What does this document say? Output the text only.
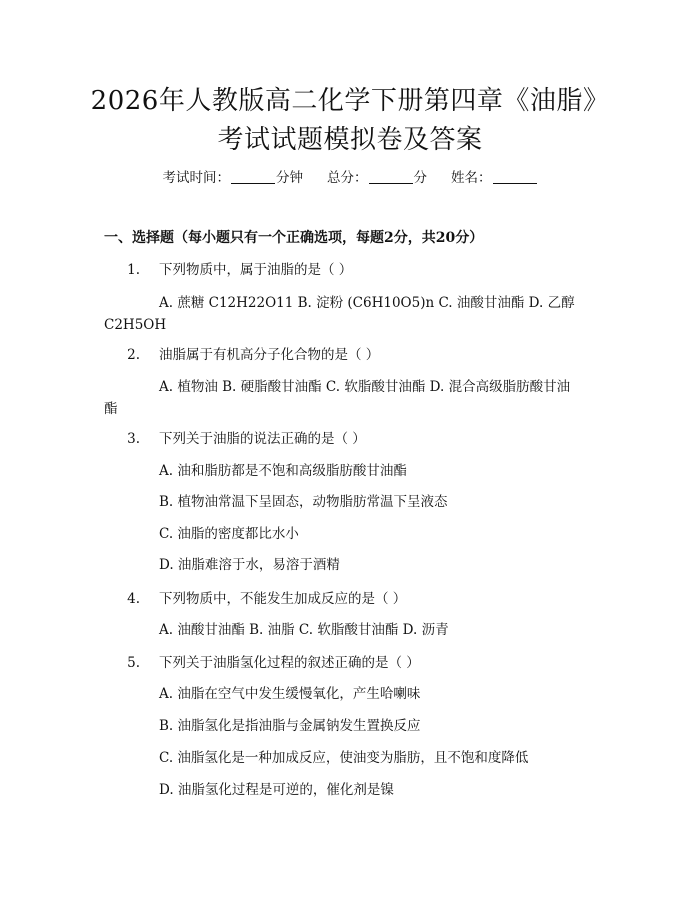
2026年人教版高二化学下册第四章《油脂》
考试试题模拟卷及答案
考试时间：	分钟 总分：	分 姓名：
一、选择题（每小题只有一个正确选项，每题2分，共20分）
1. 下列物质中，属于油脂的是（ ）
A. 蔗糖 C12H22O11 B. 淀粉 (C6H10O5)n C. 油酸甘油酯 D. 乙醇
C2H5OH
2. 油脂属于有机高分子化合物的是（ ）
A. 植物油 B. 硬脂酸甘油酯 C. 软脂酸甘油酯 D. 混合高级脂肪酸甘油
酯
3. 下列关于油脂的说法正确的是（ ）
A. 油和脂肪都是不饱和高级脂肪酸甘油酯
B. 植物油常温下呈固态，动物脂肪常温下呈液态
C. 油脂的密度都比水小
D. 油脂难溶于水，易溶于酒精
4. 下列物质中，不能发生加成反应的是（ ）
A. 油酸甘油酯 B. 油脂 C. 软脂酸甘油酯 D. 沥青
5. 下列关于油脂氢化过程的叙述正确的是（ ）
A. 油脂在空气中发生缓慢氧化，产生哈喇味
B. 油脂氢化是指油脂与金属钠发生置换反应
C. 油脂氢化是一种加成反应，使油变为脂肪，且不饱和度降低
D. 油脂氢化过程是可逆的，催化剂是镍
